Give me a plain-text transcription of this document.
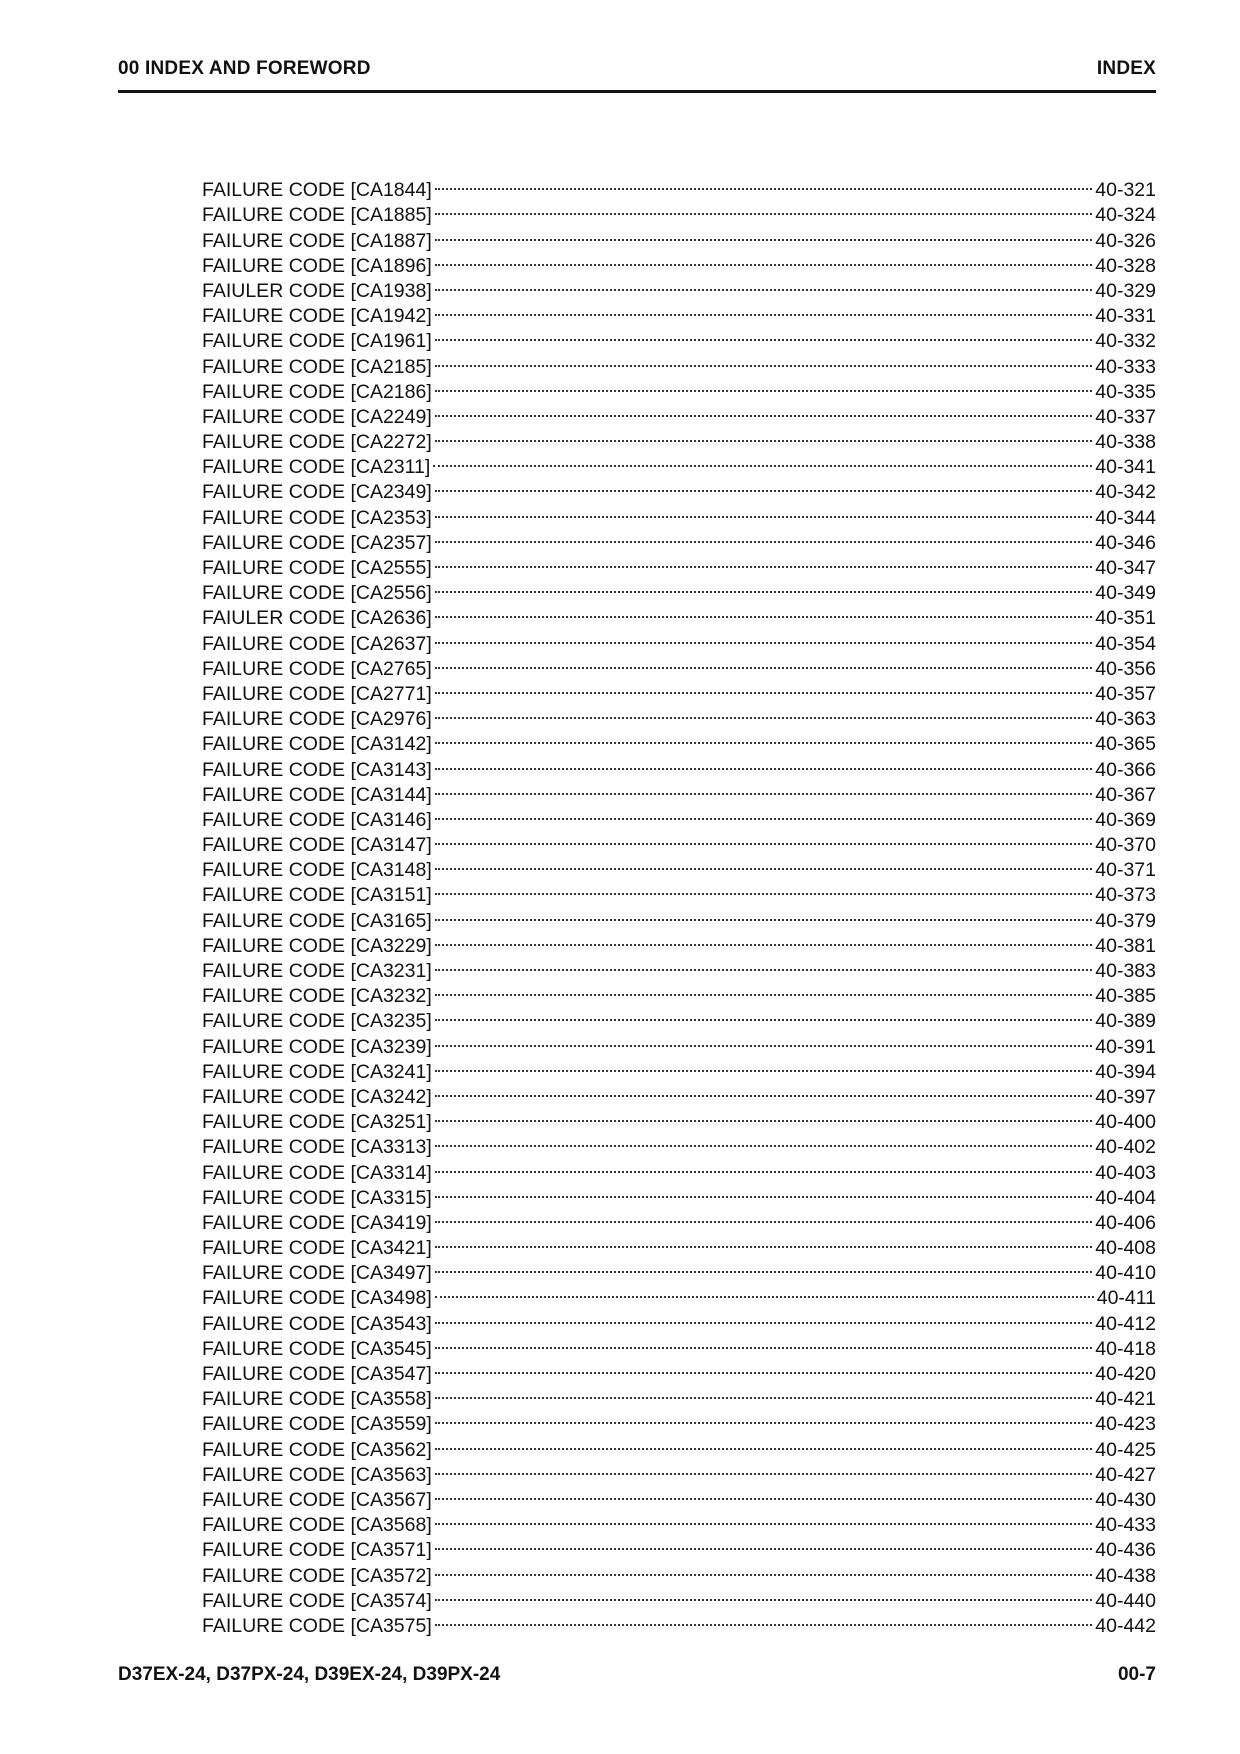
00 INDEX AND FOREWORD	INDEX
FAILURE CODE [CA1844]	40-321
FAILURE CODE [CA1885]	40-324
FAILURE CODE [CA1887]	40-326
FAILURE CODE [CA1896]	40-328
FAIULER CODE [CA1938]	40-329
FAILURE CODE [CA1942]	40-331
FAILURE CODE [CA1961]	40-332
FAILURE CODE [CA2185]	40-333
FAILURE CODE [CA2186]	40-335
FAILURE CODE [CA2249]	40-337
FAILURE CODE [CA2272]	40-338
FAILURE CODE [CA2311]	40-341
FAILURE CODE [CA2349]	40-342
FAILURE CODE [CA2353]	40-344
FAILURE CODE [CA2357]	40-346
FAILURE CODE [CA2555]	40-347
FAILURE CODE [CA2556]	40-349
FAIULER CODE [CA2636]	40-351
FAILURE CODE [CA2637]	40-354
FAILURE CODE [CA2765]	40-356
FAILURE CODE [CA2771]	40-357
FAILURE CODE [CA2976]	40-363
FAILURE CODE [CA3142]	40-365
FAILURE CODE [CA3143]	40-366
FAILURE CODE [CA3144]	40-367
FAILURE CODE [CA3146]	40-369
FAILURE CODE [CA3147]	40-370
FAILURE CODE [CA3148]	40-371
FAILURE CODE [CA3151]	40-373
FAILURE CODE [CA3165]	40-379
FAILURE CODE [CA3229]	40-381
FAILURE CODE [CA3231]	40-383
FAILURE CODE [CA3232]	40-385
FAILURE CODE [CA3235]	40-389
FAILURE CODE [CA3239]	40-391
FAILURE CODE [CA3241]	40-394
FAILURE CODE [CA3242]	40-397
FAILURE CODE [CA3251]	40-400
FAILURE CODE [CA3313]	40-402
FAILURE CODE [CA3314]	40-403
FAILURE CODE [CA3315]	40-404
FAILURE CODE [CA3419]	40-406
FAILURE CODE [CA3421]	40-408
FAILURE CODE [CA3497]	40-410
FAILURE CODE [CA3498]	40-411
FAILURE CODE [CA3543]	40-412
FAILURE CODE [CA3545]	40-418
FAILURE CODE [CA3547]	40-420
FAILURE CODE [CA3558]	40-421
FAILURE CODE [CA3559]	40-423
FAILURE CODE [CA3562]	40-425
FAILURE CODE [CA3563]	40-427
FAILURE CODE [CA3567]	40-430
FAILURE CODE [CA3568]	40-433
FAILURE CODE [CA3571]	40-436
FAILURE CODE [CA3572]	40-438
FAILURE CODE [CA3574]	40-440
FAILURE CODE [CA3575]	40-442
D37EX-24, D37PX-24, D39EX-24, D39PX-24	00-7
